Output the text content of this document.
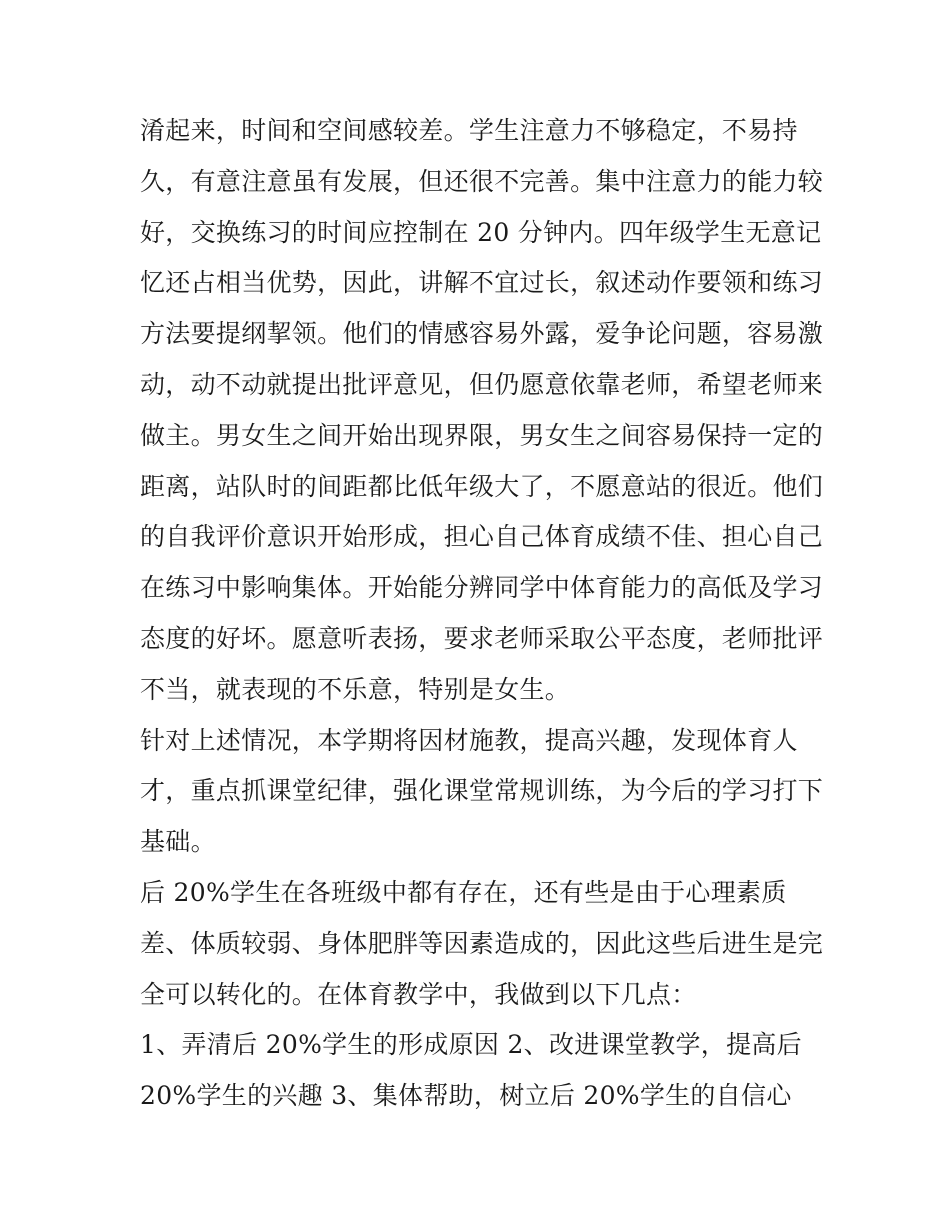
淆起来，时间和空间感较差。学生注意力不够稳定，不易持
久，有意注意虽有发展，但还很不完善。集中注意力的能力较
好，交换练习的时间应控制在 20 分钟内。四年级学生无意记
忆还占相当优势，因此，讲解不宜过长，叙述动作要领和练习
方法要提纲挈领。他们的情感容易外露，爱争论问题，容易激
动，动不动就提出批评意见，但仍愿意依靠老师，希望老师来
做主。男女生之间开始出现界限，男女生之间容易保持一定的
距离，站队时的间距都比低年级大了，不愿意站的很近。他们
的自我评价意识开始形成，担心自己体育成绩不佳、担心自己
在练习中影响集体。开始能分辨同学中体育能力的高低及学习
态度的好坏。愿意听表扬，要求老师采取公平态度，老师批评
不当，就表现的不乐意，特别是女生。
针对上述情况，本学期将因材施教，提高兴趣，发现体育人
才，重点抓课堂纪律，强化课堂常规训练，为今后的学习打下
基础。
后 20%学生在各班级中都有存在，还有些是由于心理素质
差、体质较弱、身体肥胖等因素造成的，因此这些后进生是完
全可以转化的。在体育教学中，我做到以下几点：
1、弄清后 20%学生的形成原因 2、改进课堂教学，提高后
20%学生的兴趣 3、集体帮助，树立后 20%学生的自信心
